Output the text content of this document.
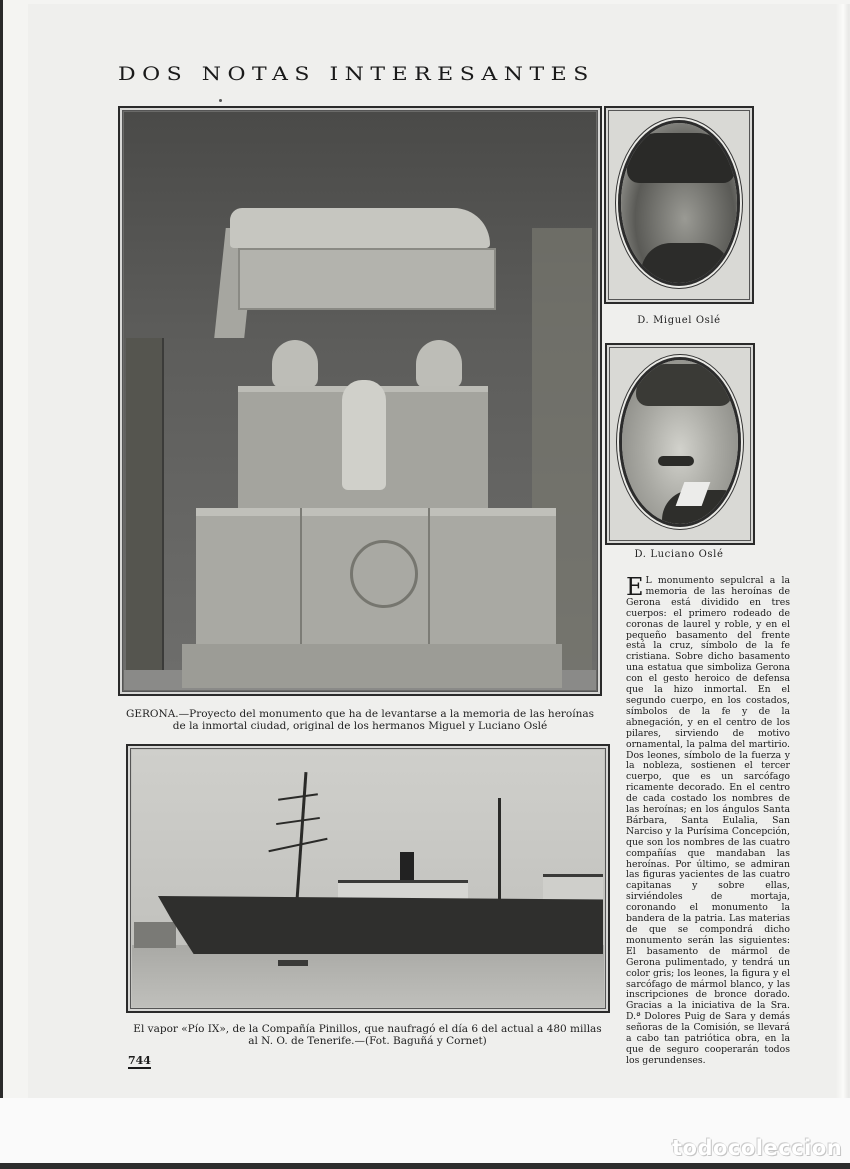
DOS NOTAS INTERESANTES
GERONA.—Proyecto del monumento que ha de levantarse a la memoria de las heroínas
de la inmortal ciudad, original de los hermanos Miguel y Luciano Oslé
D. Miguel Oslé
D. Luciano Oslé
El vapor «Pío IX», de la Compañía Pinillos, que naufragó el día 6 del actual a 480 millas
al N. O. de Tenerife.—(Fot. Baguñá y Cornet)
E L monumento sepulcral a la memoria de las heroínas de Gerona está dividido en tres cuerpos: el primero rodeado de coronas de laurel y roble, y en el pequeño basamento del frente está la cruz, símbolo de la fe cristiana. Sobre dicho basamento una estatua que simboliza Gerona con el gesto heroico de defensa que la hizo inmortal. En el segundo cuerpo, en los costados, símbolos de la fe y de la abnegación, y en el centro de los pilares, sirviendo de motivo ornamental, la palma del martirio. Dos leones, símbolo de la fuerza y la nobleza, sostienen el tercer cuerpo, que es un sarcófago ricamente decorado. En el centro de cada costado los nombres de las heroínas; en los ángulos Santa Bárbara, Santa Eulalia, San Narciso y la Purísima Concepción, que son los nombres de las cuatro compañías que mandaban las heroínas. Por último, se admiran las figuras yacientes de las cuatro capitanas y sobre ellas, sirviéndoles de mortaja, coronando el monumento la bandera de la patria. Las materias de que se compondrá dicho monumento serán las siguientes: El basamento de mármol de Gerona pulimentado, y tendrá un color gris; los leones, la figura y el sarcófago de mármol blanco, y las inscripciones de bronce dorado. Gracias a la iniciativa de la Sra. D.ª Dolores Puig de Sara y demás señoras de la Comisión, se llevará a cabo tan patriótica obra, en la que de seguro cooperarán todos los gerundenses.
744
todocoleccion
